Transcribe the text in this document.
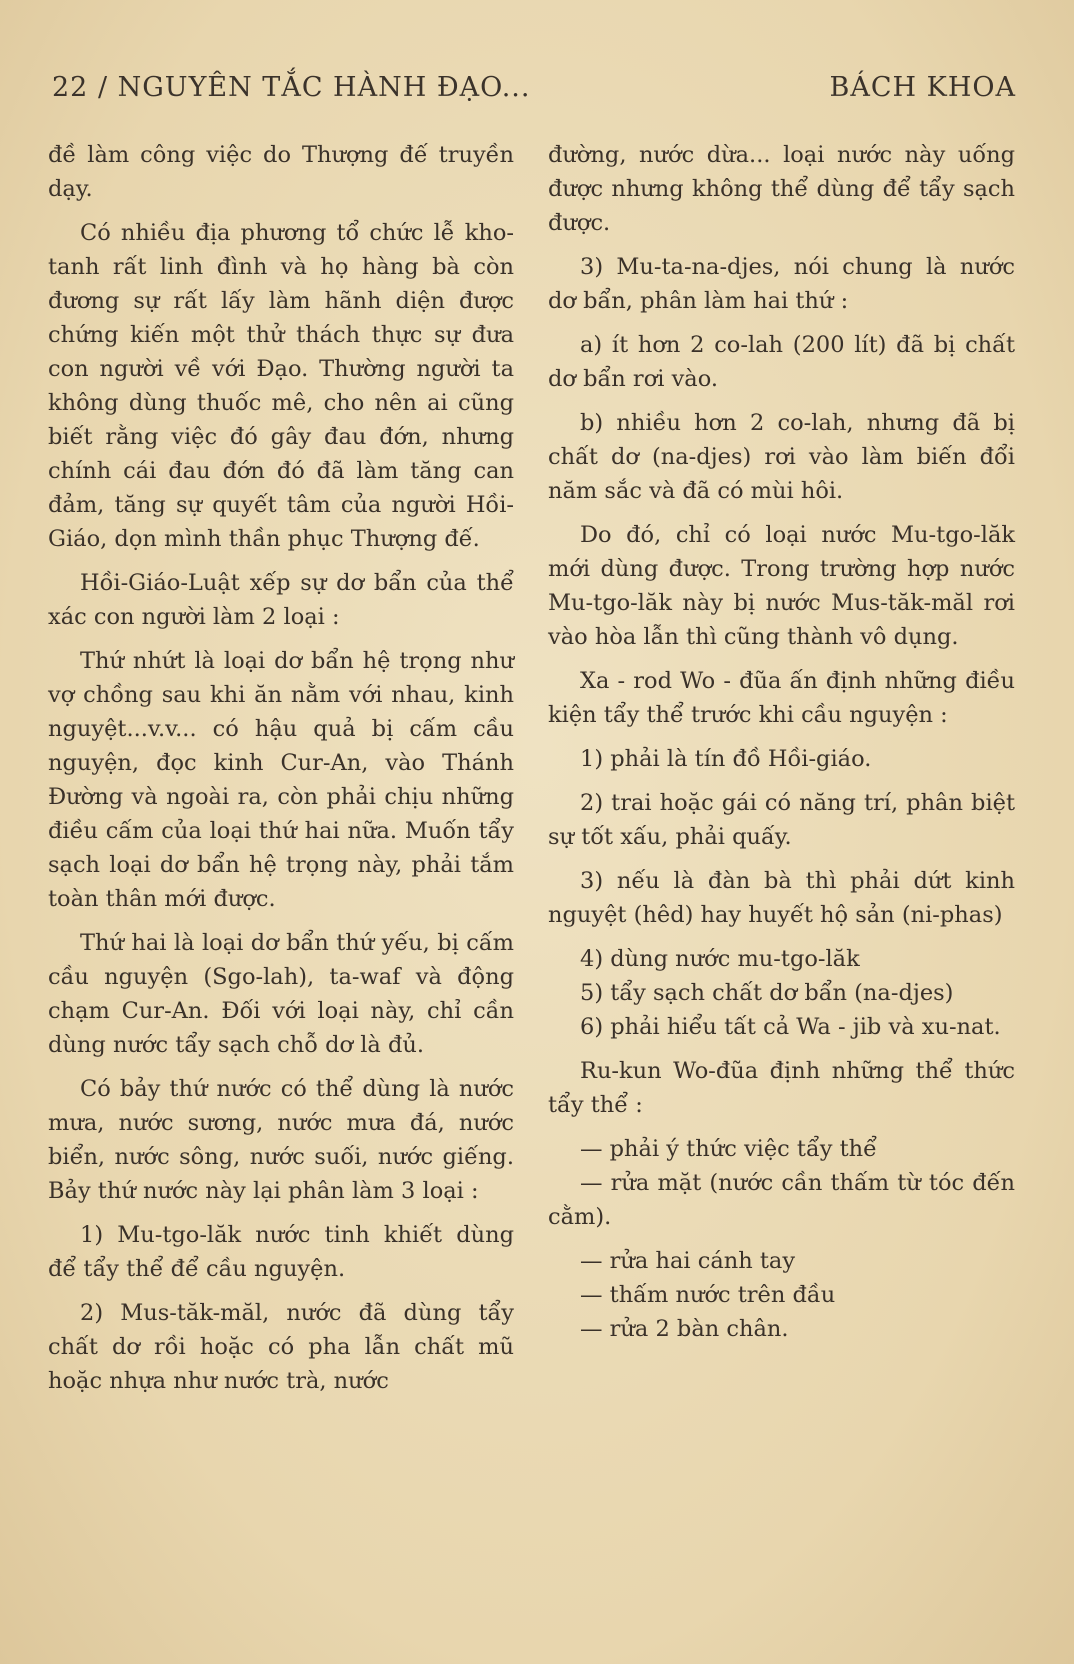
22 / NGUYÊN TẮC HÀNH ĐẠO...	BÁCH KHOA

đề làm công việc do Thượng đế truyền dạy.

Có nhiều địa phương tổ chức lễ kho-tanh rất linh đình và họ hàng bà còn đương sự rất lấy làm hãnh diện được chứng kiến một thử thách thực sự đưa con người về với Đạo. Thường người ta không dùng thuốc mê, cho nên ai cũng biết rằng việc đó gây đau đớn, nhưng chính cái đau đớn đó đã làm tăng can đảm, tăng sự quyết tâm của người Hồi-Giáo, dọn mình thần phục Thượng đế.

Hồi-Giáo-Luật xếp sự dơ bẩn của thể xác con người làm 2 loại :

Thứ nhứt là loại dơ bẩn hệ trọng như vợ chồng sau khi ăn nằm với nhau, kinh nguyệt...v.v... có hậu quả bị cấm cầu nguyện, đọc kinh Cur-An, vào Thánh Đường và ngoài ra, còn phải chịu những điều cấm của loại thứ hai nữa. Muốn tẩy sạch loại dơ bẩn hệ trọng này, phải tắm toàn thân mới được.

Thứ hai là loại dơ bẩn thứ yếu, bị cấm cầu nguyện (Sgo-lah), ta-waf và động chạm Cur-An. Đối với loại này, chỉ cần dùng nước tẩy sạch chỗ dơ là đủ.

Có bảy thứ nước có thể dùng là nước mưa, nước sương, nước mưa đá, nước biển, nước sông, nước suối, nước giếng. Bảy thứ nước này lại phân làm 3 loại :

1) Mu-tgo-lăk nước tinh khiết dùng để tẩy thể để cầu nguyện.

2) Mus-tăk-măl, nước đã dùng tẩy chất dơ rồi hoặc có pha lẫn chất mũ hoặc nhựa như nước trà, nước

đường, nước dừa... loại nước này uống được nhưng không thể dùng để tẩy sạch được.

3) Mu-ta-na-djes, nói chung là nước dơ bẩn, phân làm hai thứ :

a) ít hơn 2 co-lah (200 lít) đã bị chất dơ bẩn rơi vào.

b) nhiều hơn 2 co-lah, nhưng đã bị chất dơ (na-djes) rơi vào làm biến đổi năm sắc và đã có mùi hôi.

Do đó, chỉ có loại nước Mu-tgo-lăk mới dùng được. Trong trường hợp nước Mu-tgo-lăk này bị nước Mus-tăk-măl rơi vào hòa lẫn thì cũng thành vô dụng.

Xa - rod Wo - đũa ấn định những điều kiện tẩy thể trước khi cầu nguyện :

1) phải là tín đồ Hồi-giáo.

2) trai hoặc gái có năng trí, phân biệt sự tốt xấu, phải quấy.

3) nếu là đàn bà thì phải dứt kinh nguyệt (hêd) hay huyết hộ sản (ni-phas)

4) dùng nước mu-tgo-lăk

5) tẩy sạch chất dơ bẩn (na-djes)

6) phải hiểu tất cả Wa - jib và xu-nat.

Ru-kun Wo-đũa định những thể thức tẩy thể :

— phải ý thức việc tẩy thể

— rửa mặt (nước cần thấm từ tóc đến cằm).

— rửa hai cánh tay

— thấm nước trên đầu

— rửa 2 bàn chân.
